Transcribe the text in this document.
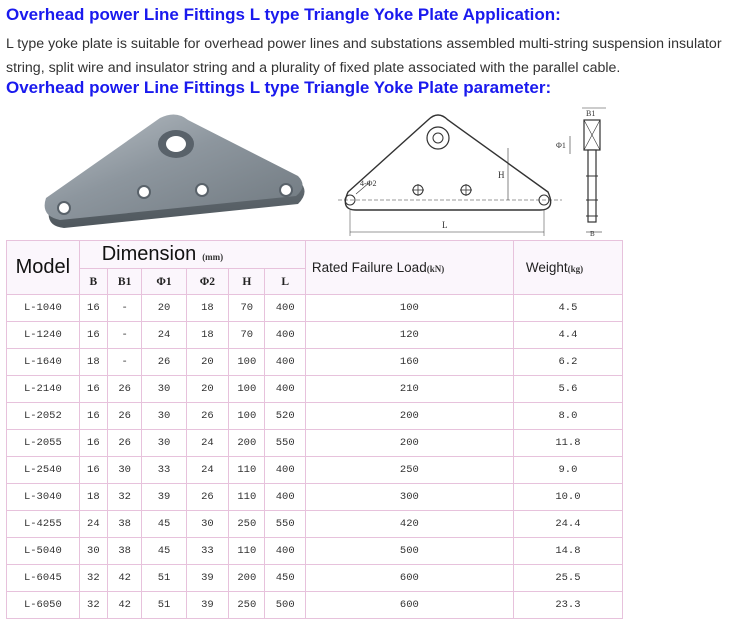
Overhead power Line Fittings L type Triangle Yoke Plate Application:

L type yoke plate is suitable for overhead power lines and substations assembled multi-string suspension insulator string, split wire and insulator string and a plurality of fixed plate associated with the parallel cable.

Overhead power Line Fittings L type Triangle Yoke Plate parameter:
4-Φ2
H
L
B1
Φ1
B
Model	Dimension (mm)						Rated Failure Load(kN)	Weight(kg)
	B	B1	Φ1	Φ2	H	L		
L-1040	16	-	20	18	70	400	100	4.5
L-1240	16	-	24	18	70	400	120	4.4
L-1640	18	-	26	20	100	400	160	6.2
L-2140	16	26	30	20	100	400	210	5.6
L-2052	16	26	30	26	100	520	200	8.0
L-2055	16	26	30	24	200	550	200	11.8
L-2540	16	30	33	24	110	400	250	9.0
L-3040	18	32	39	26	110	400	300	10.0
L-4255	24	38	45	30	250	550	420	24.4
L-5040	30	38	45	33	110	400	500	14.8
L-6045	32	42	51	39	200	450	600	25.5
L-6050	32	42	51	39	250	500	600	23.3
